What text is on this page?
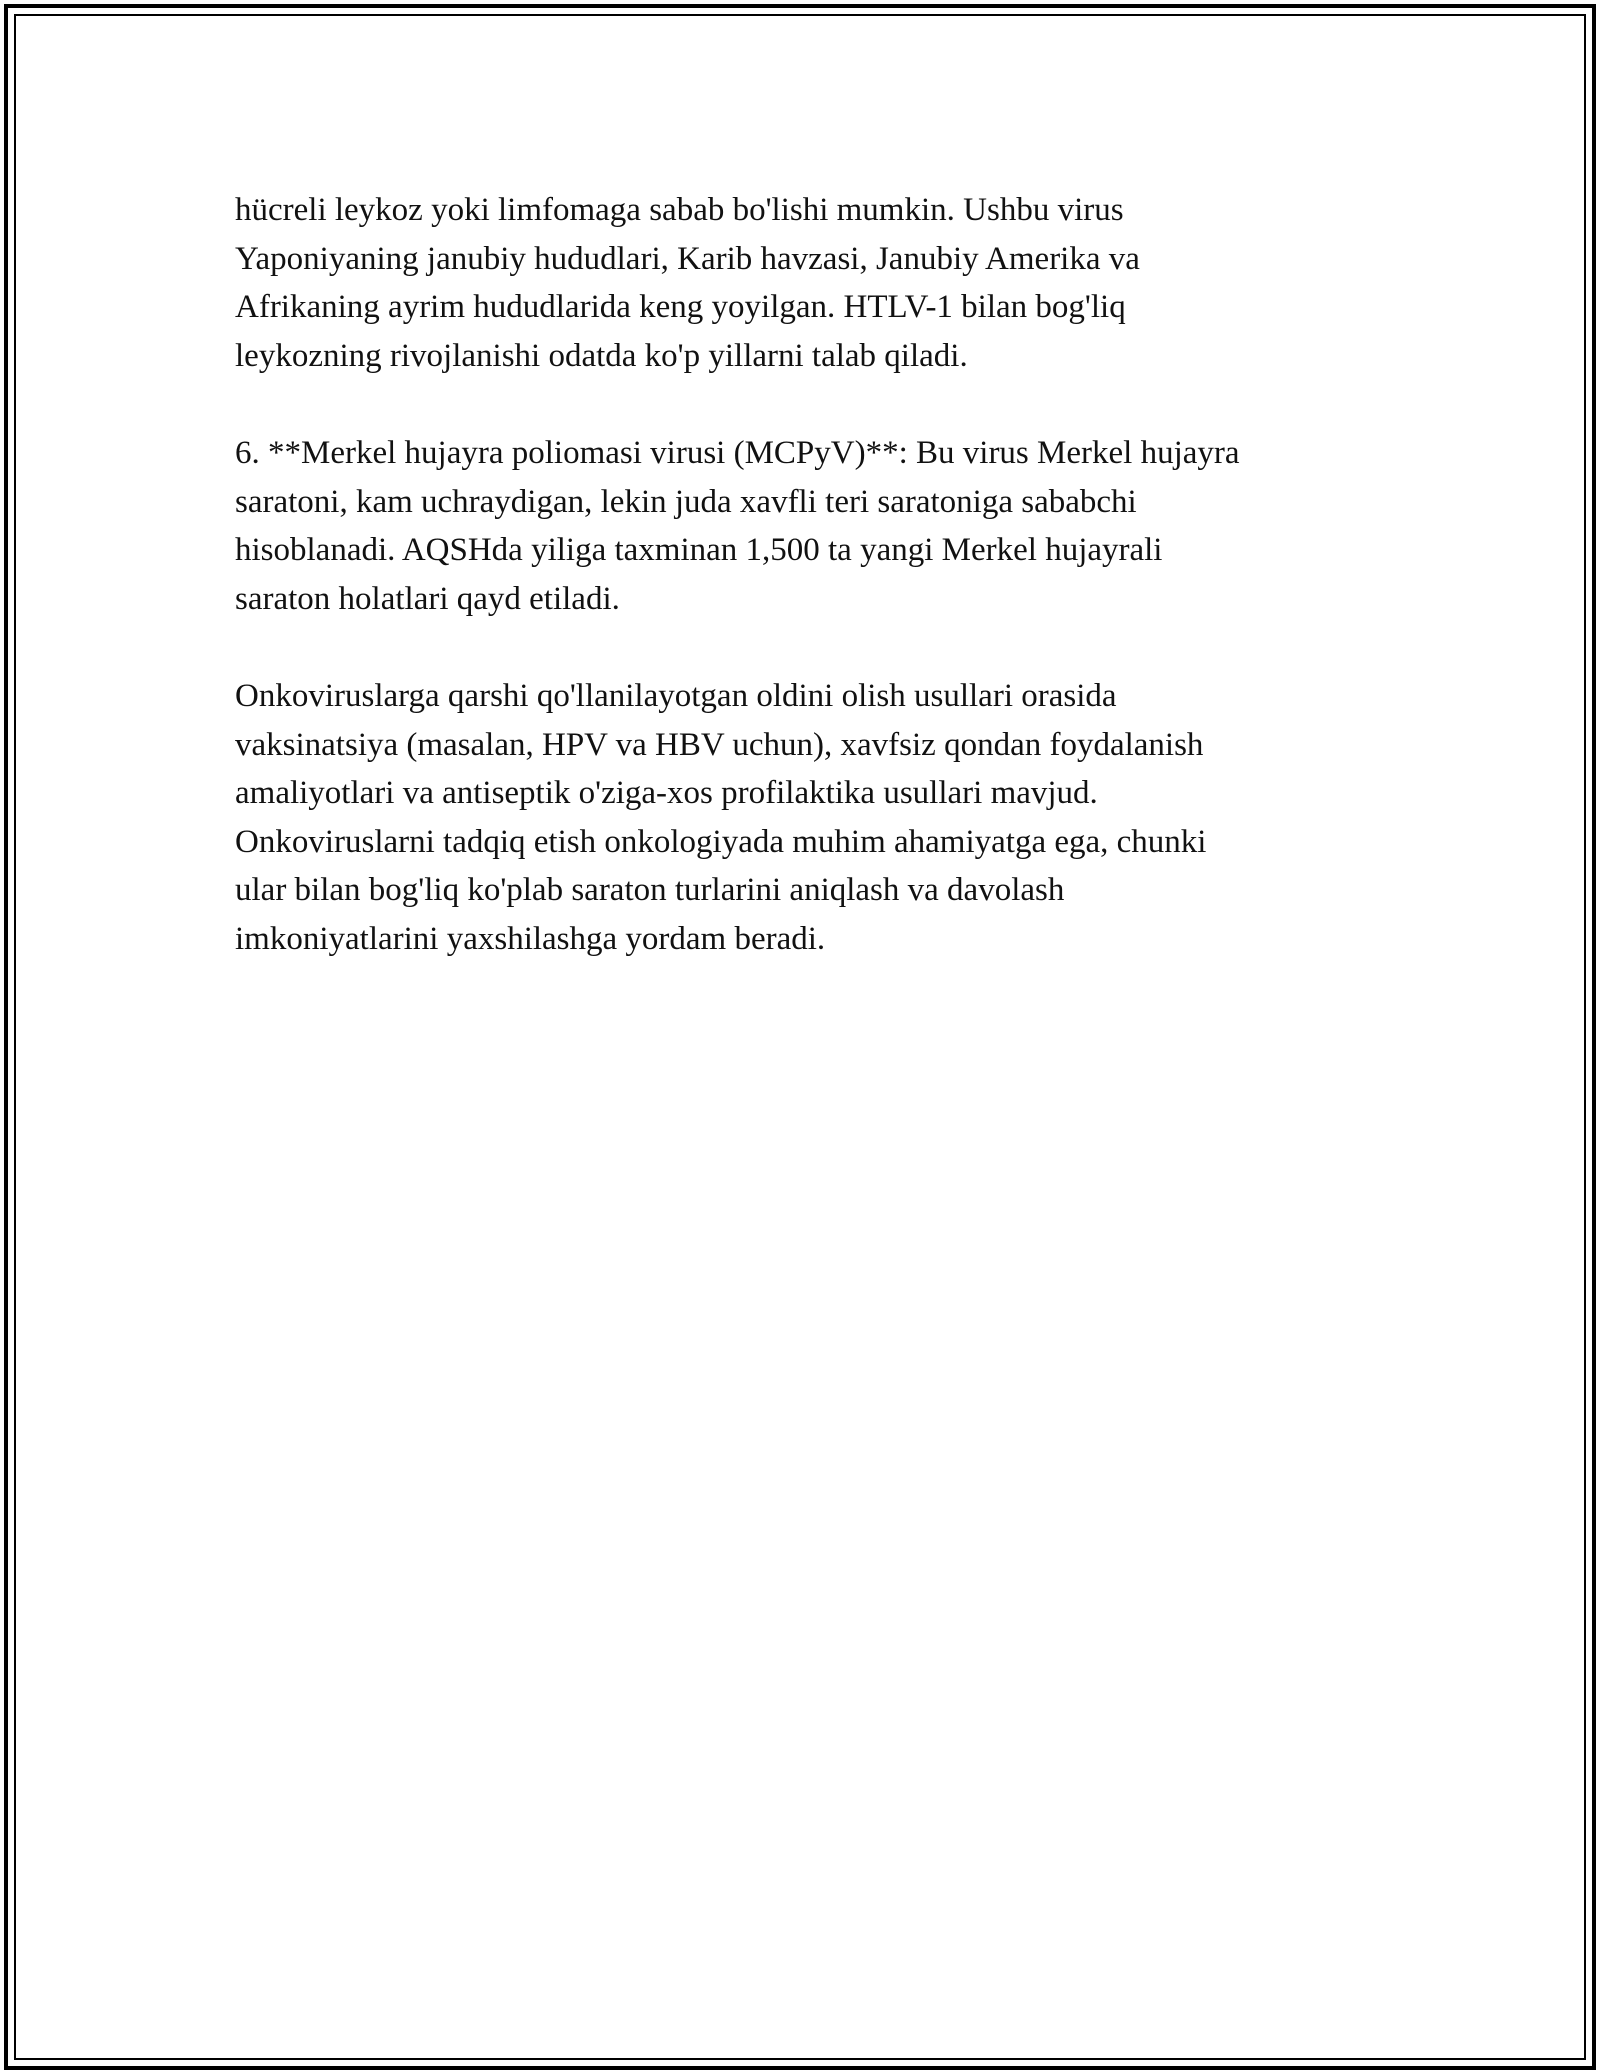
hücreli leykoz yoki limfomaga sabab bo'lishi mumkin. Ushbu virus
Yaponiyaning janubiy hududlari, Karib havzasi, Janubiy Amerika va
Afrikaning ayrim hududlarida keng yoyilgan. HTLV-1 bilan bog'liq
leykozning rivojlanishi odatda ko'p yillarni talab qiladi.

6. **Merkel hujayra poliomasi virusi (MCPyV)**: Bu virus Merkel hujayra
saratoni, kam uchraydigan, lekin juda xavfli teri saratoniga sababchi
hisoblanadi. AQSHda yiliga taxminan 1,500 ta yangi Merkel hujayrali
saraton holatlari qayd etiladi.

Onkoviruslarga qarshi qo'llanilayotgan oldini olish usullari orasida
vaksinatsiya (masalan, HPV va HBV uchun), xavfsiz qondan foydalanish
amaliyotlari va antiseptik o'ziga-xos profilaktika usullari mavjud.
Onkoviruslarni tadqiq etish onkologiyada muhim ahamiyatga ega, chunki
ular bilan bog'liq ko'plab saraton turlarini aniqlash va davolash
imkoniyatlarini yaxshilashga yordam beradi.
